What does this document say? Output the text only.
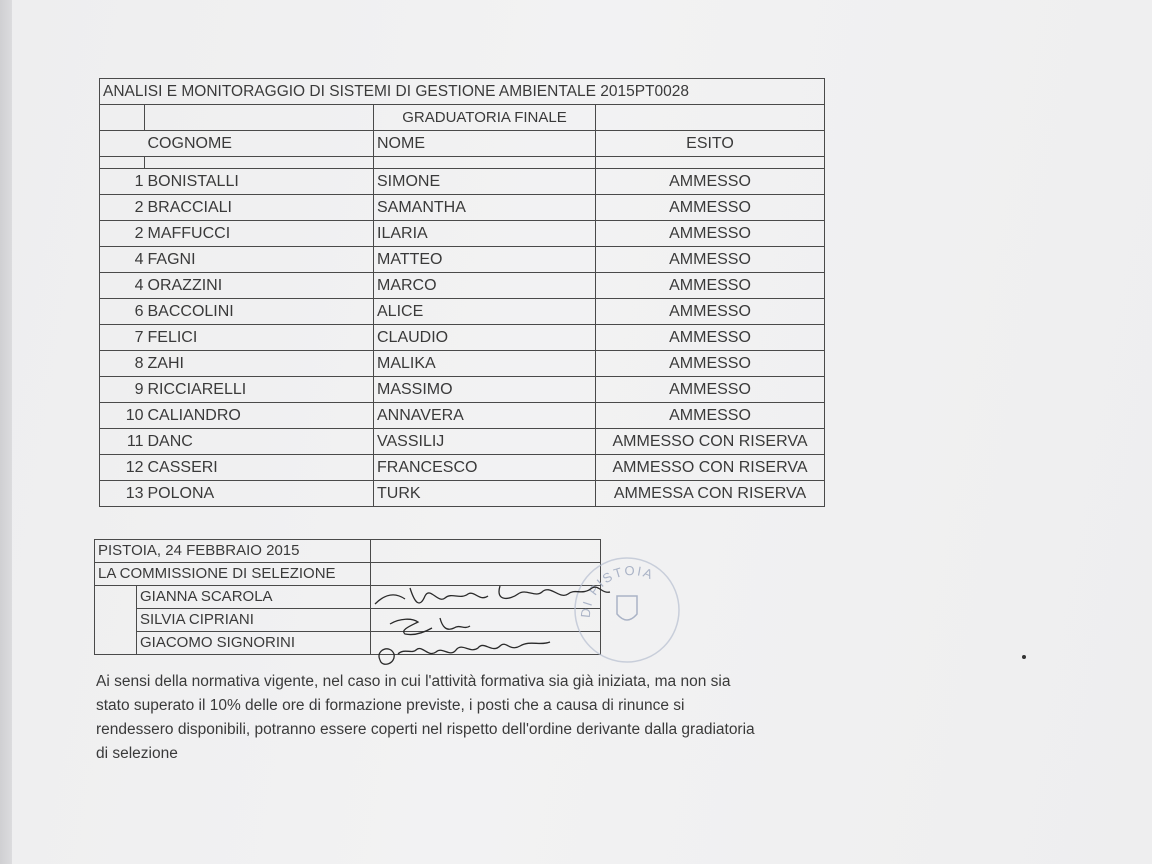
ANALISI E MONITORAGGIO DI SISTEMI DI GESTIONE AMBIENTALE 2015PT0028			
		GRADUATORIA FINALE	
	COGNOME	NOME	ESITO

1	BONISTALLI	SIMONE	AMMESSO
2	BRACCIALI	SAMANTHA	AMMESSO
2	MAFFUCCI	ILARIA	AMMESSO
4	FAGNI	MATTEO	AMMESSO
4	ORAZZINI	MARCO	AMMESSO
6	BACCOLINI	ALICE	AMMESSO
7	FELICI	CLAUDIO	AMMESSO
8	ZAHI	MALIKA	AMMESSO
9	RICCIARELLI	MASSIMO	AMMESSO
10	CALIANDRO	ANNAVERA	AMMESSO
11	DANC	VASSILIJ	AMMESSO CON RISERVA
12	CASSERI	FRANCESCO	AMMESSO CON RISERVA
13	POLONA	TURK	AMMESSA CON RISERVA
PISTOIA, 24 FEBBRAIO 2015		
LA COMMISSIONE DI SELEZIONE		
	GIANNA SCAROLA	
	SILVIA CIPRIANI	
	GIACOMO SIGNORINI	
DI PISTOIA
Ai sensi della normativa vigente, nel caso in cui l'attività formativa sia già iniziata, ma non sia stato superato il 10% delle ore di formazione previste, i posti che a causa di rinunce si rendessero disponibili, potranno essere coperti nel rispetto dell'ordine derivante dalla gradiatoria di selezione
